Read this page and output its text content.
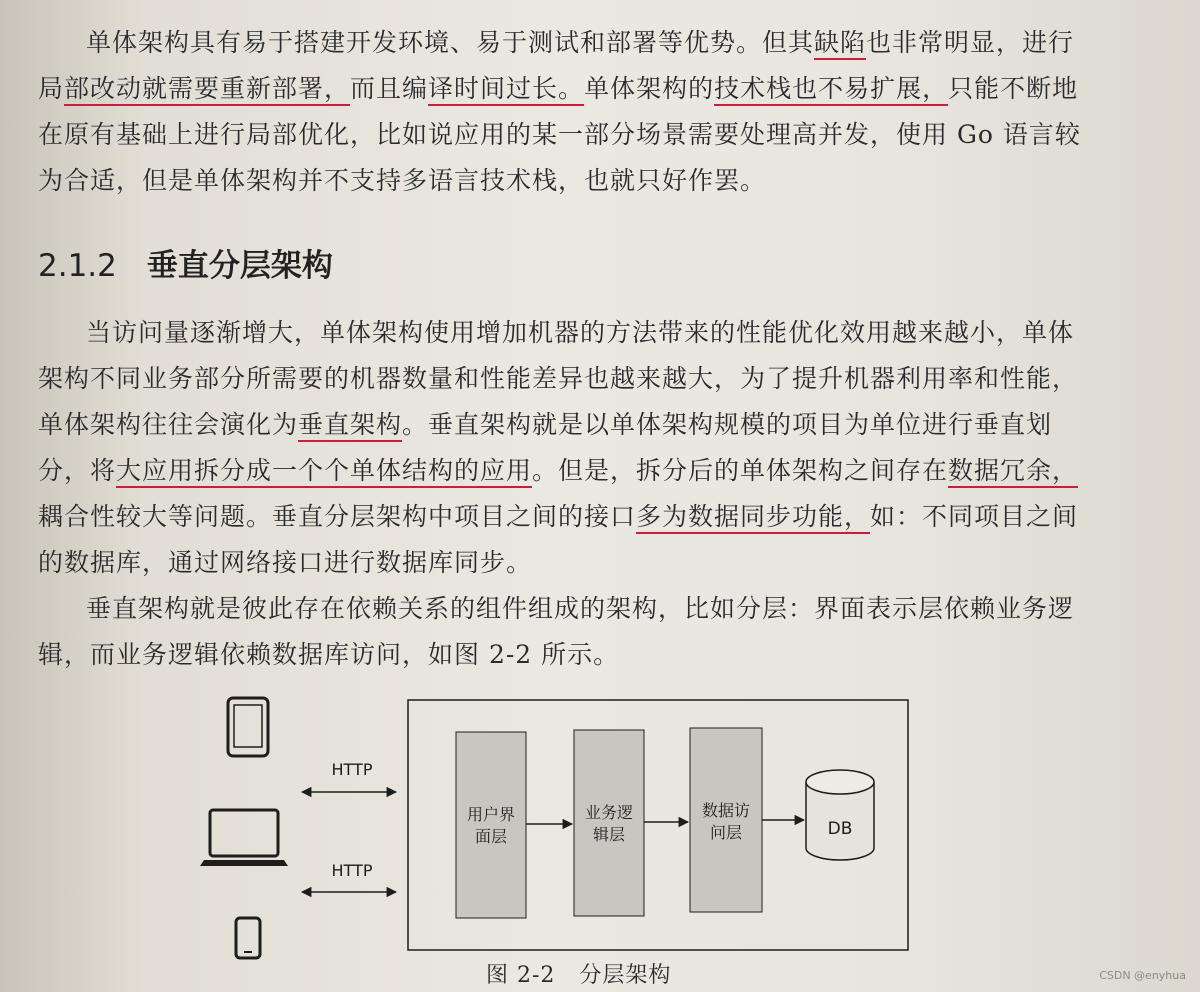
单体架构具有易于搭建开发环境、易于测试和部署等优势。但其缺陷也非常明显，进行局部改动就需要重新部署，而且编译时间过长。单体架构的技术栈也不易扩展，只能不断地在原有基础上进行局部优化，比如说应用的某一部分场景需要处理高并发，使用 Go 语言较为合适，但是单体架构并不支持多语言技术栈，也就只好作罢。

2.1.2 垂直分层架构

当访问量逐渐增大，单体架构使用增加机器的方法带来的性能优化效用越来越小，单体架构不同业务部分所需要的机器数量和性能差异也越来越大，为了提升机器利用率和性能，单体架构往往会演化为垂直架构。垂直架构就是以单体架构规模的项目为单位进行垂直划分，将大应用拆分成一个个单体结构的应用。但是，拆分后的单体架构之间存在数据冗余，耦合性较大等问题。垂直分层架构中项目之间的接口多为数据同步功能，如：不同项目之间的数据库，通过网络接口进行数据库同步。

垂直架构就是彼此存在依赖关系的组件组成的架构，比如分层：界面表示层依赖业务逻辑，而业务逻辑依赖数据库访问，如图 2-2 所示。

HTTP
HTTP
用户界
面层
业务逻
辑层
数据访
问层	DB

图 2-2 分层架构	CSDN @enyhua
